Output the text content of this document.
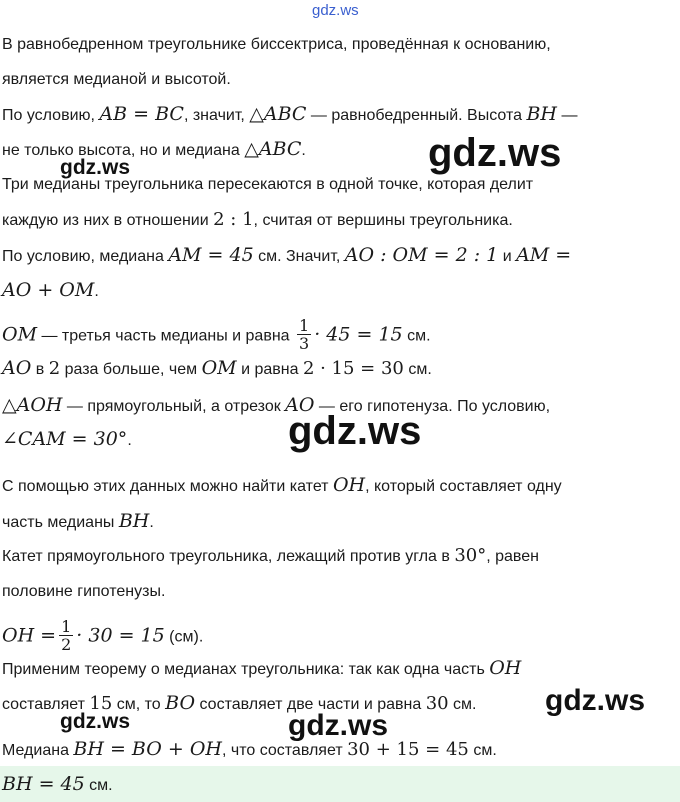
gdz.ws
В равнобедренном треугольнике биссектриса, проведённая к основанию,
является медианой и высотой.
По условию, AB = BC, значит, △ABC — равнобедренный. Высота BH —
не только высота, но и медиана △ABC.
gdz.ws	gdz.ws
Три медианы треугольника пересекаются в одной точке, которая делит
каждую из них в отношении 2 : 1, считая от вершины треугольника.
По условию, медиана AM = 45 см. Значит, AO : OM = 2 : 1 и AM =
AO + OM.
OM — третья часть медианы и равна $\frac{1}{3} \cdot 45 = 15$ см.
AO в 2 раза больше, чем OM и равна 2 · 15 = 30 см.
△AOH — прямоугольный, а отрезок AO — его гипотенуза. По условию,
∠CAM = 30°.	gdz.ws
С помощью этих данных можно найти катет OH, который составляет одну
часть медианы BH.
Катет прямоугольного треугольника, лежащий против угла в 30°, равен
половине гипотенузы.
OH = $\frac{1}{2} \cdot 30 = 15$ (см).
Применим теорему о медианах треугольника: так как одна часть OH
составляет 15 см, то BO составляет две части и равна 30 см. gdz.ws
gdz.ws	gdz.ws
Медиана BH = BO + OH, что составляет 30 + 15 = 45 см.
BH = 45 см.
